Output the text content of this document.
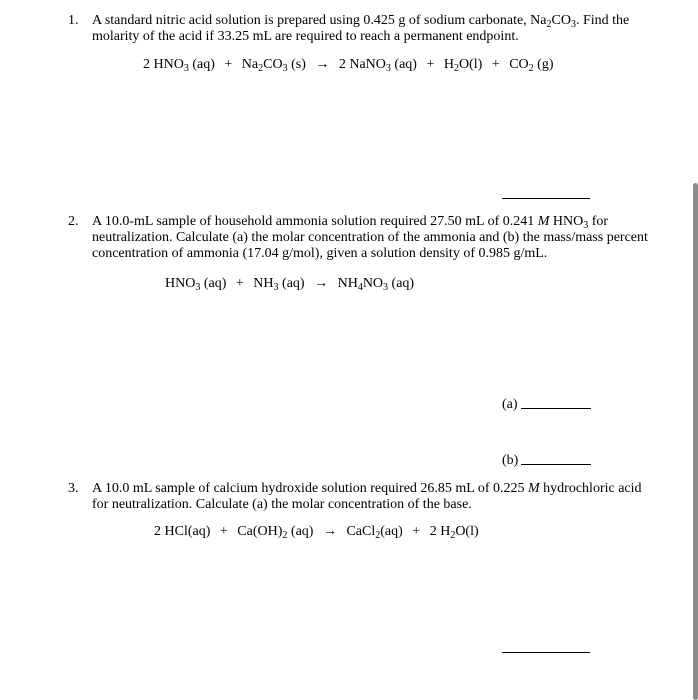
1. A standard nitric acid solution is prepared using 0.425 g of sodium carbonate, $Na_2CO_3$. Find the molarity of the acid if 33.25 mL are required to reach a permanent endpoint.
2 $HNO_3$ $(aq) + Na_2CO_3$ (s) → 2 NaNO$_3$ $(aq) + H_2O(l) + CO_2$ (g)
2. A 10.0-mL sample of household ammonia solution required 27.50 mL of 0.241 M $HNO_3$ for neutralization. Calculate (a) the molar concentration of the ammonia and (b) the mass/mass percent concentration of ammonia (17.04 g/mol), given a solution density of 0.985 g/mL.
$HNO_3$ $(aq) + NH_3$ $(aq) \to NH_4NO_3$ (aq)
(a)
(b)
3. A 10.0 mL sample of calcium hydroxide solution required 26.85 mL of 0.225 M hydrochloric acid for neutralization. Calculate (a) the molar concentration of the base.
2 $HCl(aq) + Ca(OH)_2$ (aq) → CaCl$_2$(aq) + 2 $H_2O(l)$
